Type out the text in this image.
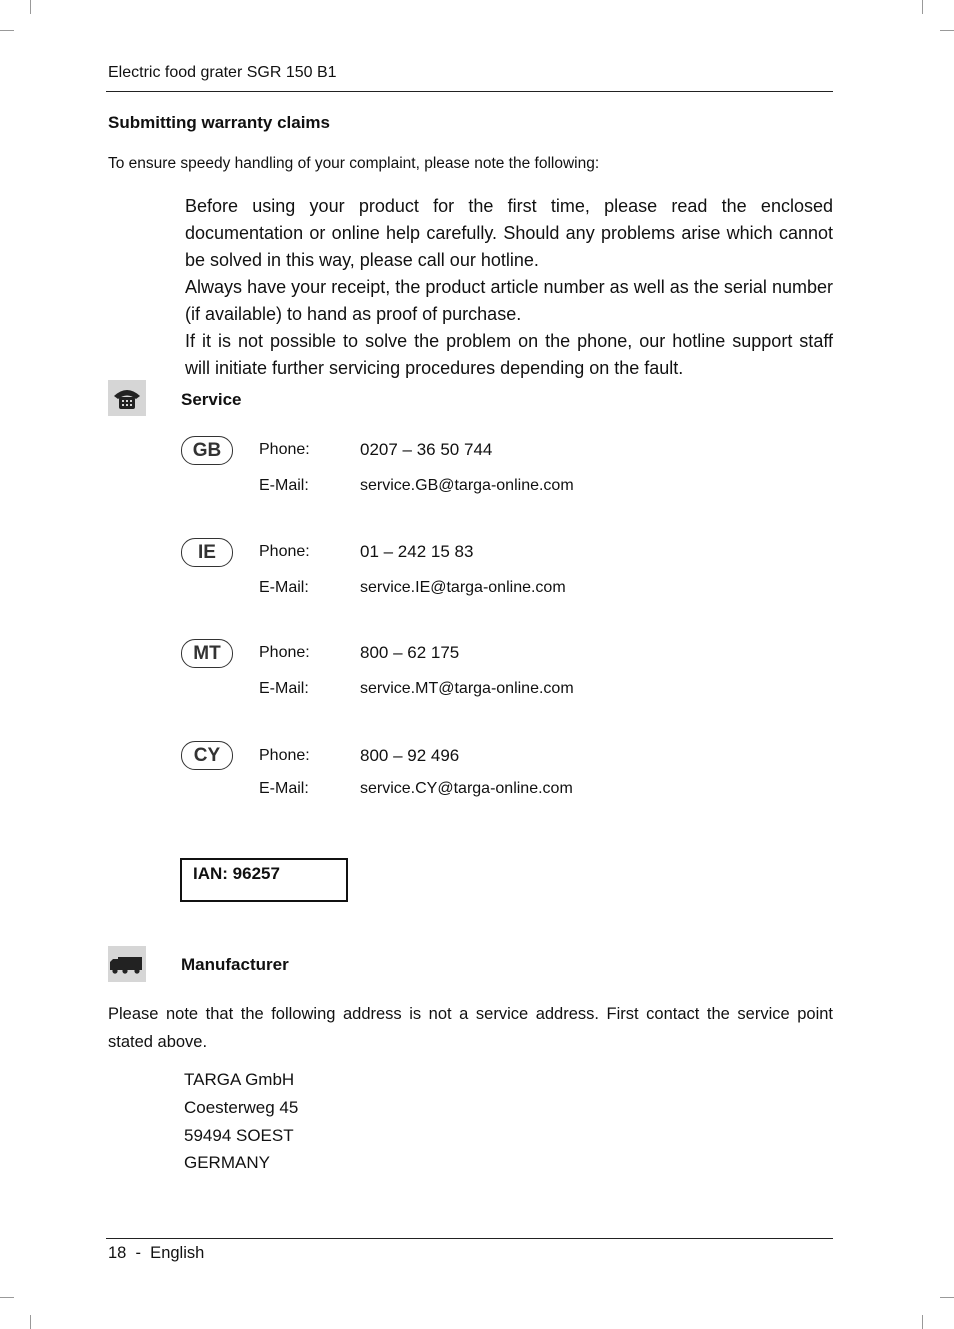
Electric food grater SGR 150 B1
Submitting warranty claims
To ensure speedy handling of your complaint, please note the following:

Before using your product for the first time, please read the enclosed documentation or online help carefully. Should any problems arise which cannot be solved in this way, please call our hotline.

Always have your receipt, the product article number as well as the serial number (if available) to hand as proof of purchase.

If it is not possible to solve the problem on the phone, our hotline support staff will initiate further servicing procedures depending on the fault.

Service
GB	Phone:	0207 – 36 50 744
E-Mail:	service.GB@targa-online.com
IE	Phone:	01 – 242 15 83
E-Mail:	service.IE@targa-online.com
MT	Phone:	800 – 62 175
E-Mail:	service.MT@targa-online.com
CY	Phone:	800 – 92 496
E-Mail:	service.CY@targa-online.com
IAN: 96257
Manufacturer
Please note that the following address is not a service address. First contact the service point stated above.
TARGA GmbH
Coesterweg 45
59494 SOEST
GERMANY
18  -  English
